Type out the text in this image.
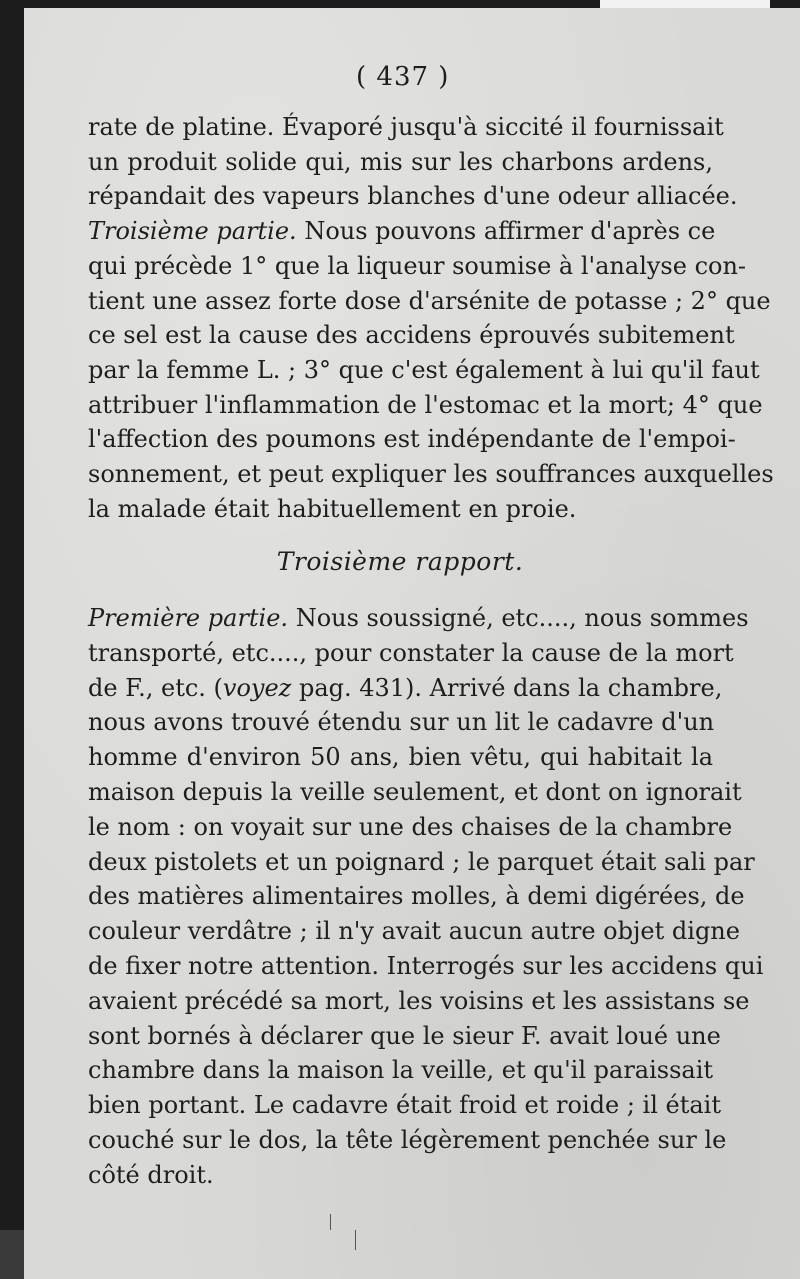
( 437 )
rate de platine. Évaporé jusqu'à siccité il fournissait
un produit solide qui, mis sur les charbons ardens,
répandait des vapeurs blanches d'une odeur alliacée.
Troisième partie. Nous pouvons affirmer d'après ce
qui précède 1° que la liqueur soumise à l'analyse con-
tient une assez forte dose d'arsénite de potasse ; 2° que
ce sel est la cause des accidens éprouvés subitement
par la femme L. ; 3° que c'est également à lui qu'il faut
attribuer l'inflammation de l'estomac et la mort; 4° que
l'affection des poumons est indépendante de l'empoi-
sonnement, et peut expliquer les souffrances auxquelles
la malade était habituellement en proie.
Troisième rapport.
Première partie. Nous soussigné, etc...., nous sommes
transporté, etc...., pour constater la cause de la mort
de F., etc. (voyez pag. 431). Arrivé dans la chambre,
nous avons trouvé étendu sur un lit le cadavre d'un
homme d'environ 50 ans, bien vêtu, qui habitait la
maison depuis la veille seulement, et dont on ignorait
le nom : on voyait sur une des chaises de la chambre
deux pistolets et un poignard ; le parquet était sali par
des matières alimentaires molles, à demi digérées, de
couleur verdâtre ; il n'y avait aucun autre objet digne
de fixer notre attention. Interrogés sur les accidens qui
avaient précédé sa mort, les voisins et les assistans se
sont bornés à déclarer que le sieur F. avait loué une
chambre dans la maison la veille, et qu'il paraissait
bien portant. Le cadavre était froid et roide ; il était
couché sur le dos, la tête légèrement penchée sur le
côté droit.
